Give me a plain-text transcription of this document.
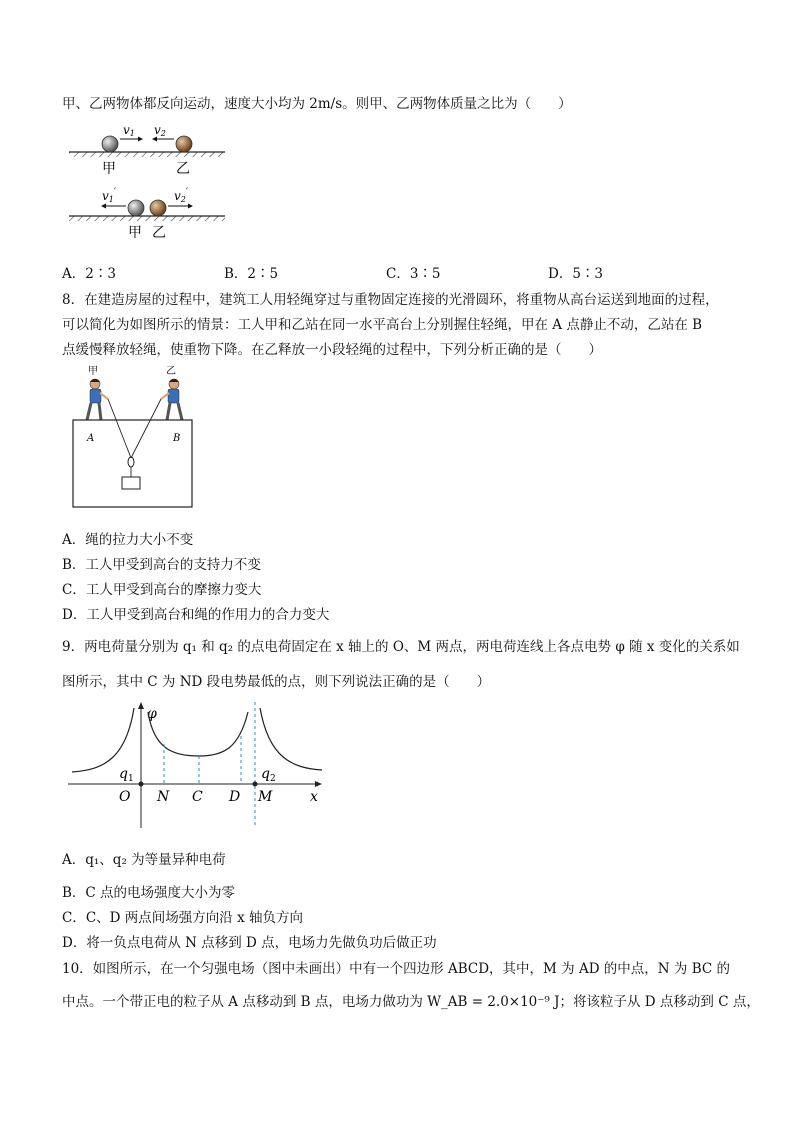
甲、乙两物体都反向运动，速度大小均为 2m/s。则甲、乙两物体质量之比为（　　）
v1 v2
甲	乙
v1′	v2′
甲 乙
A．2∶3	B．2∶5	C．3∶5	D．5∶3
8．在建造房屋的过程中，建筑工人用轻绳穿过与重物固定连接的光滑圆环，将重物从高台运送到地面的过程，
可以简化为如图所示的情景：工人甲和乙站在同一水平高台上分别握住轻绳，甲在 A 点静止不动，乙站在 B
点缓慢释放轻绳，使重物下降。在乙释放一小段轻绳的过程中，下列分析正确的是（　　）
甲	乙
A	B
A．绳的拉力大小不变
B．工人甲受到高台的支持力不变
C．工人甲受到高台的摩擦力变大
D．工人甲受到高台和绳的作用力的合力变大
9．两电荷量分别为 q₁ 和 q₂ 的点电荷固定在 x 轴上的 O、M 两点，两电荷连线上各点电势 φ 随 x 变化的关系如
图所示，其中 C 为 ND 段电势最低的点，则下列说法正确的是（　　）
φ
x
$q_1$	$q_2$
O N C D M
A．q₁、q₂ 为等量异种电荷
B．C 点的电场强度大小为零
C．C、D 两点间场强方向沿 x 轴负方向
D．将一负点电荷从 N 点移到 D 点，电场力先做负功后做正功
10．如图所示，在一个匀强电场（图中未画出）中有一个四边形 ABCD，其中，M 为 AD 的中点，N 为 BC 的
中点。一个带正电的粒子从 A 点移动到 B 点，电场力做功为 W_AB = 2.0×10⁻⁹ J；将该粒子从 D 点移动到 C 点，
